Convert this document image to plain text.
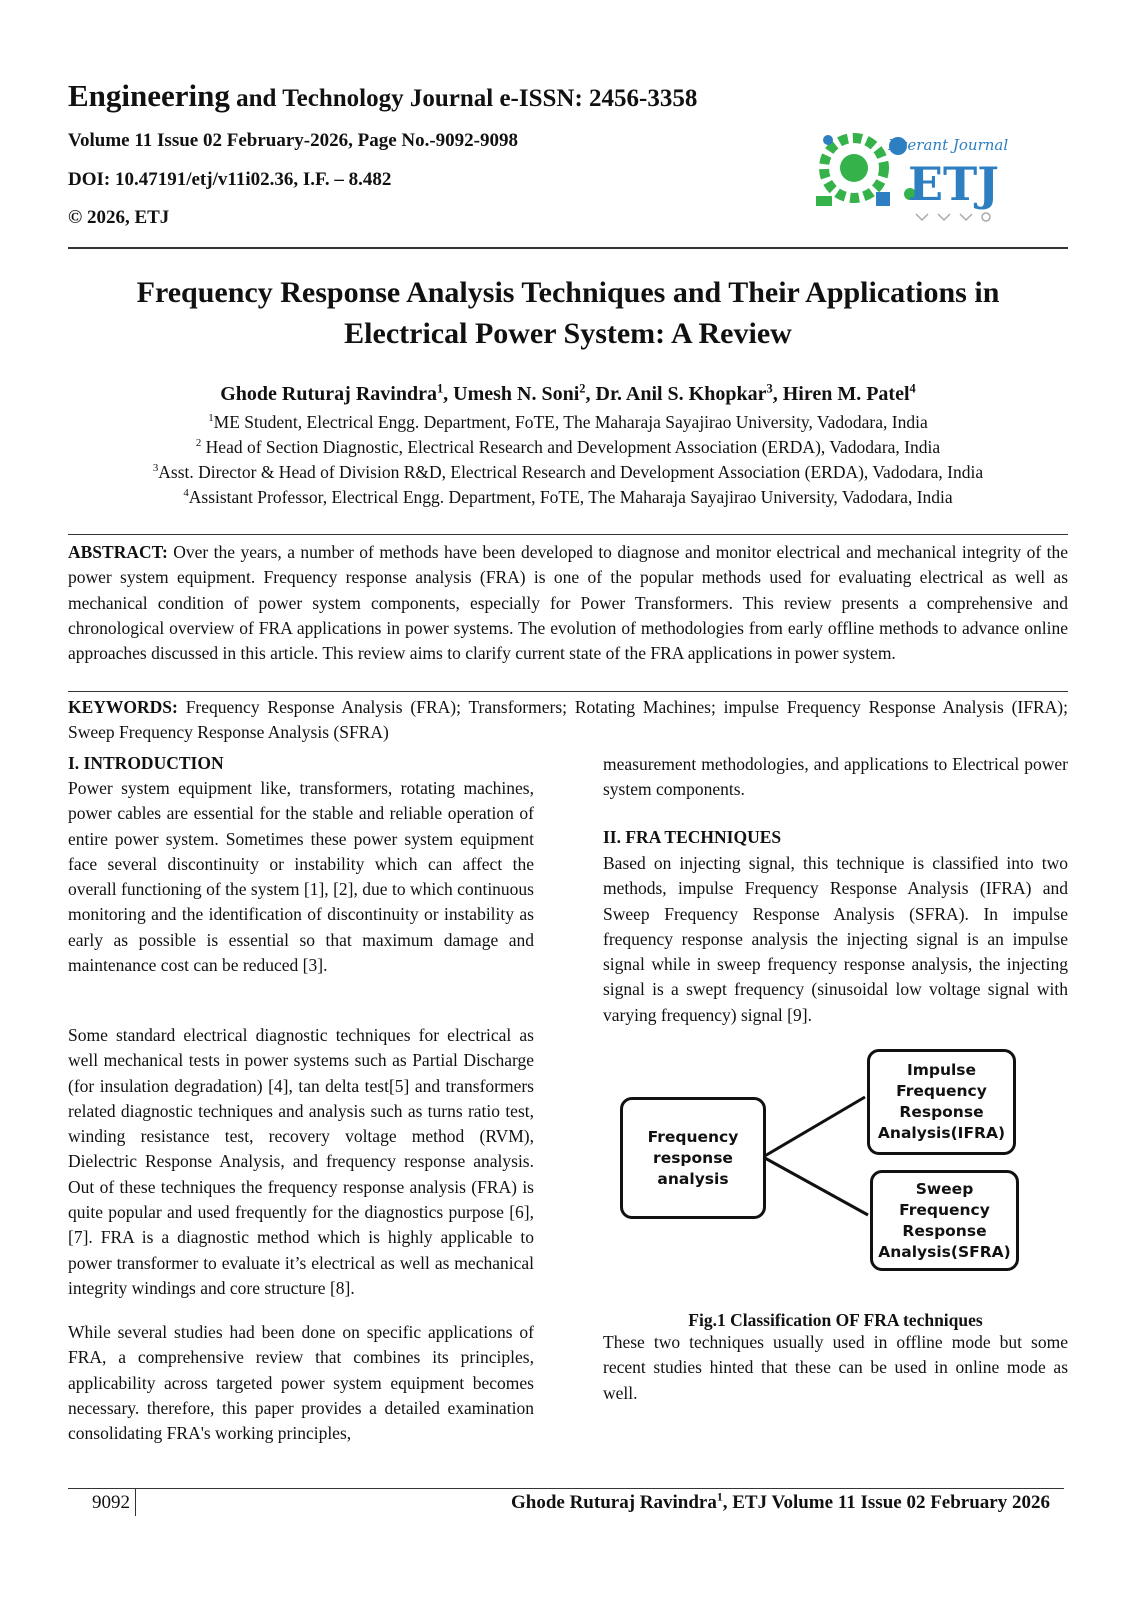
Engineering and Technology Journal e-ISSN: 2456-3358
Volume 11 Issue 02 February-2026, Page No.-9092-9098
DOI: 10.47191/etj/v11i02.36, I.F. – 8.482
© 2026, ETJ
Everant Journal
ETJ
Frequency Response Analysis Techniques and Their Applications in
Electrical Power System: A Review
Ghode Ruturaj Ravindra$^1$, Umesh N. Soni$^2$, Dr. Anil S. Khopkar$^3$, Hiren M. Patel$^4$
$^1$ME Student, Electrical Engg. Department, FoTE, The Maharaja Sayajirao University, Vadodara, India
$^2$ Head of Section Diagnostic, Electrical Research and Development Association (ERDA), Vadodara, India
$^3$Asst. Director & Head of Division R&D, Electrical Research and Development Association (ERDA), Vadodara, India
$^4$Assistant Professor, Electrical Engg. Department, FoTE, The Maharaja Sayajirao University, Vadodara, India
ABSTRACT: Over the years, a number of methods have been developed to diagnose and monitor electrical and mechanical integrity of the power system equipment. Frequency response analysis (FRA) is one of the popular methods used for evaluating electrical as well as mechanical condition of power system components, especially for Power Transformers. This review presents a comprehensive and chronological overview of FRA applications in power systems. The evolution of methodologies from early offline methods to advance online approaches discussed in this article. This review aims to clarify current state of the FRA applications in power system.
KEYWORDS: Frequency Response Analysis (FRA); Transformers; Rotating Machines; impulse Frequency Response Analysis (IFRA); Sweep Frequency Response Analysis (SFRA)
I. INTRODUCTION
Power system equipment like, transformers, rotating machines, power cables are essential for the stable and reliable operation of entire power system. Sometimes these power system equipment face several discontinuity or instability which can affect the overall functioning of the system [1], [2], due to which continuous monitoring and the identification of discontinuity or instability as early as possible is essential so that maximum damage and maintenance cost can be reduced [3].
Some standard electrical diagnostic techniques for electrical as well mechanical tests in power systems such as Partial Discharge (for insulation degradation) [4], tan delta test[5] and transformers related diagnostic techniques and analysis such as turns ratio test, winding resistance test, recovery voltage method (RVM), Dielectric Response Analysis, and frequency response analysis. Out of these techniques the frequency response analysis (FRA) is quite popular and used frequently for the diagnostics purpose [6], [7]. FRA is a diagnostic method which is highly applicable to power transformer to evaluate it’s electrical as well as mechanical integrity windings and core structure [8].
While several studies had been done on specific applications of FRA, a comprehensive review that combines its principles, applicability across targeted power system equipment becomes necessary. therefore, this paper provides a detailed examination consolidating FRA's working principles,
measurement methodologies, and applications to Electrical power system components.
II. FRA TECHNIQUES
Based on injecting signal, this technique is classified into two methods, impulse Frequency Response Analysis (IFRA) and Sweep Frequency Response Analysis (SFRA). In impulse frequency response analysis the injecting signal is an impulse signal while in sweep frequency response analysis, the injecting signal is a swept frequency (sinusoidal low voltage signal with varying frequency) signal [9].
Frequency response analysis
Impulse Frequency Response Analysis(IFRA)
Sweep Frequency Response Analysis(SFRA)
Fig.1 Classification OF FRA techniques
These two techniques usually used in offline mode but some recent studies hinted that these can be used in online mode as well.
9092	Ghode Ruturaj Ravindra$^1$, ETJ Volume 11 Issue 02 February 2026
